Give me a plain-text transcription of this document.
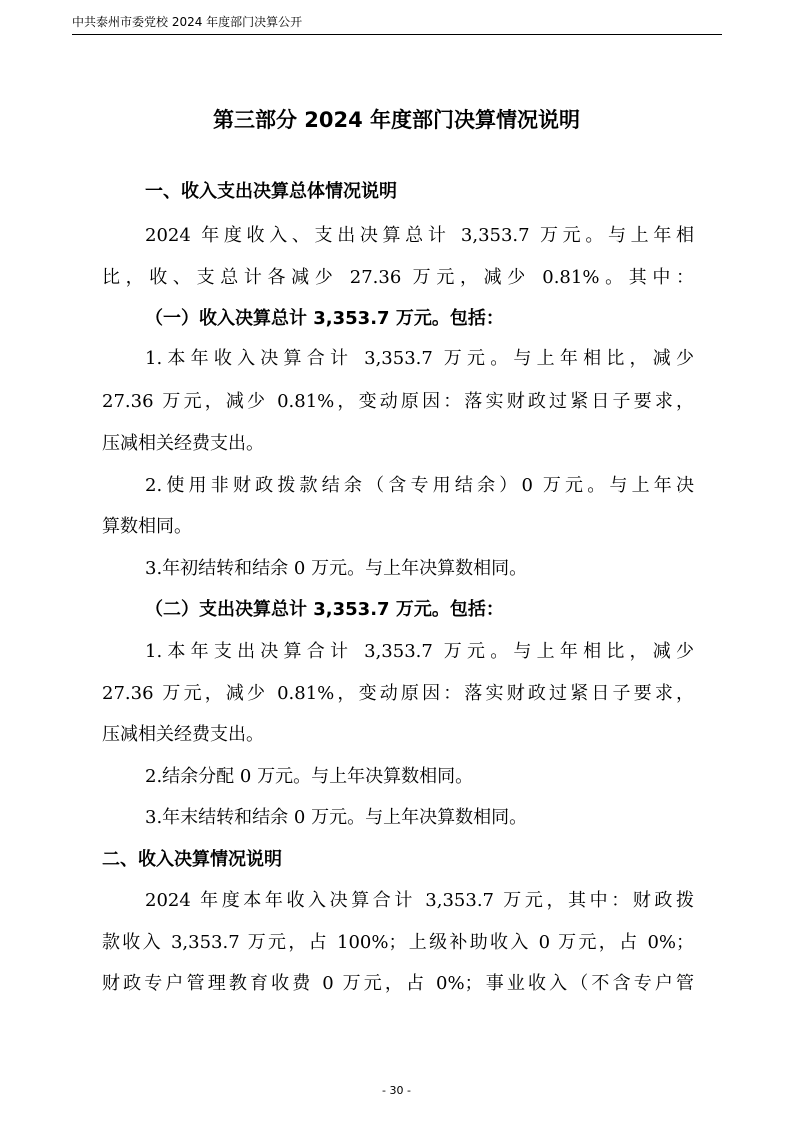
中共泰州市委党校 2024 年度部门决算公开
第三部分 2024 年度部门决算情况说明
一、收入支出决算总体情况说明
2024 年度收入、支出决算总计 3,353.7 万元。与上年相
比，收、支总计各减少 27.36 万元，减少 0.81%。其中：
（一）收入决算总计 3,353.7 万元。包括：
1.本年收入决算合计 3,353.7 万元。与上年相比，减少
27.36 万元，减少 0.81%，变动原因：落实财政过紧日子要求，
压减相关经费支出。
2.使用非财政拨款结余（含专用结余）0 万元。与上年决
算数相同。
3.年初结转和结余 0 万元。与上年决算数相同。
（二）支出决算总计 3,353.7 万元。包括：
1.本年支出决算合计 3,353.7 万元。与上年相比，减少
27.36 万元，减少 0.81%，变动原因：落实财政过紧日子要求，
压减相关经费支出。
2.结余分配 0 万元。与上年决算数相同。
3.年末结转和结余 0 万元。与上年决算数相同。
二、收入决算情况说明
2024 年度本年收入决算合计 3,353.7 万元，其中：财政拨
款收入 3,353.7 万元，占 100%；上级补助收入 0 万元，占 0%；
财政专户管理教育收费 0 万元，占 0%；事业收入（不含专户管
- 30 -
